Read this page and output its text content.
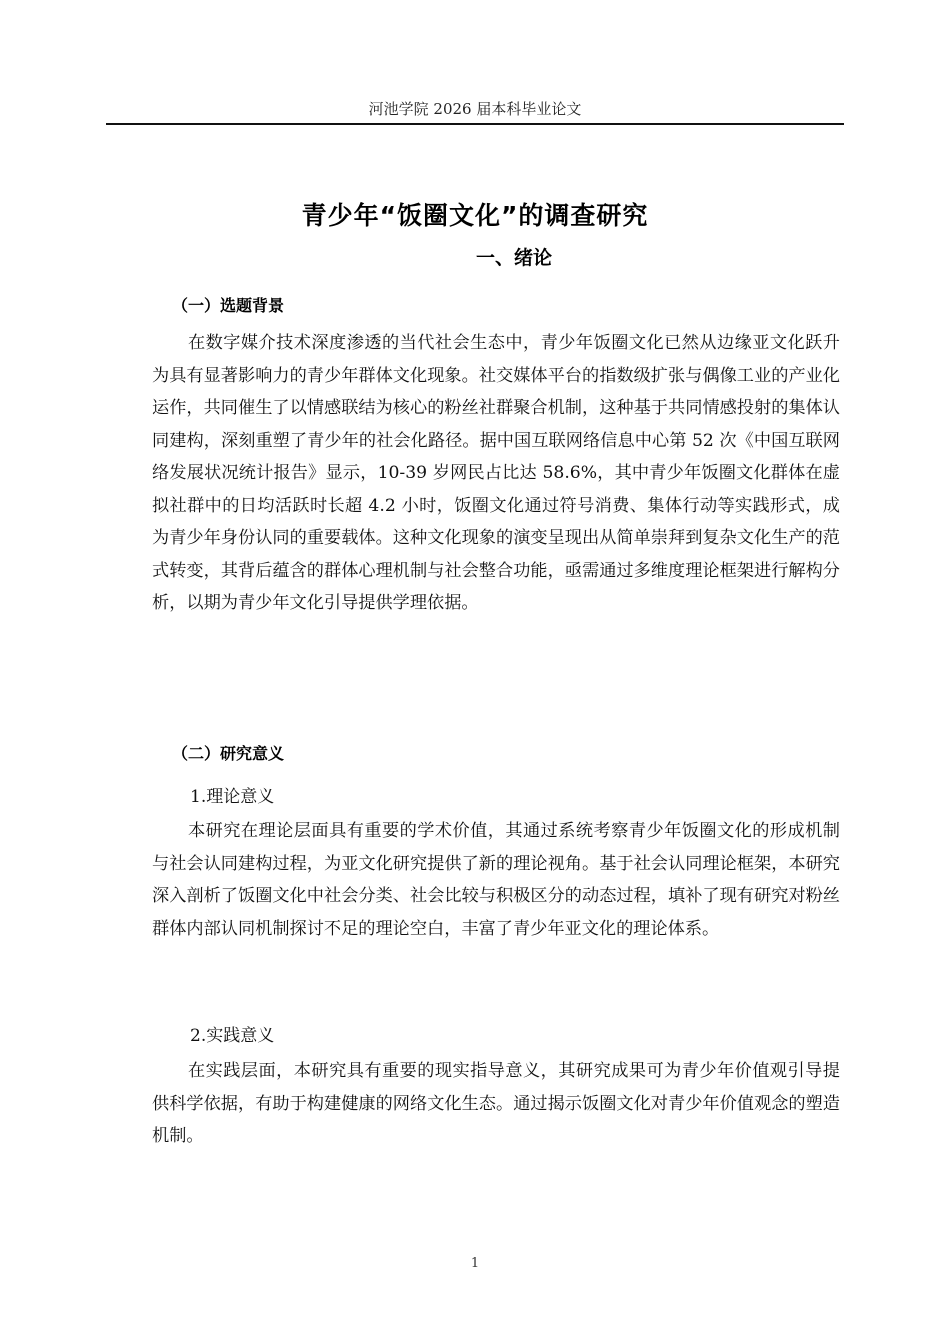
河池学院 2026 届本科毕业论文
青少年“饭圈文化”的调查研究
一、绪论
（一）选题背景

在数字媒介技术深度渗透的当代社会生态中，青少年饭圈文化已然从边缘亚文化跃升为具有显著影响力的青少年群体文化现象。社交媒体平台的指数级扩张与偶像工业的产业化运作，共同催生了以情感联结为核心的粉丝社群聚合机制，这种基于共同情感投射的集体认同建构，深刻重塑了青少年的社会化路径。据中国互联网络信息中心第 52 次《中国互联网络发展状况统计报告》显示，10-39 岁网民占比达 58.6%，其中青少年饭圈文化群体在虚拟社群中的日均活跃时长超 4.2 小时，饭圈文化通过符号消费、集体行动等实践形式，成为青少年身份认同的重要载体。这种文化现象的演变呈现出从简单崇拜到复杂文化生产的范式转变，其背后蕴含的群体心理机制与社会整合功能，亟需通过多维度理论框架进行解构分析，以期为青少年文化引导提供学理依据。

（二）研究意义
1.理论意义

本研究在理论层面具有重要的学术价值，其通过系统考察青少年饭圈文化的形成机制与社会认同建构过程，为亚文化研究提供了新的理论视角。基于社会认同理论框架，本研究深入剖析了饭圈文化中社会分类、社会比较与积极区分的动态过程，填补了现有研究对粉丝群体内部认同机制探讨不足的理论空白，丰富了青少年亚文化的理论体系。

2.实践意义

在实践层面，本研究具有重要的现实指导意义，其研究成果可为青少年价值观引导提供科学依据，有助于构建健康的网络文化生态。通过揭示饭圈文化对青少年价值观念的塑造机制。

1
